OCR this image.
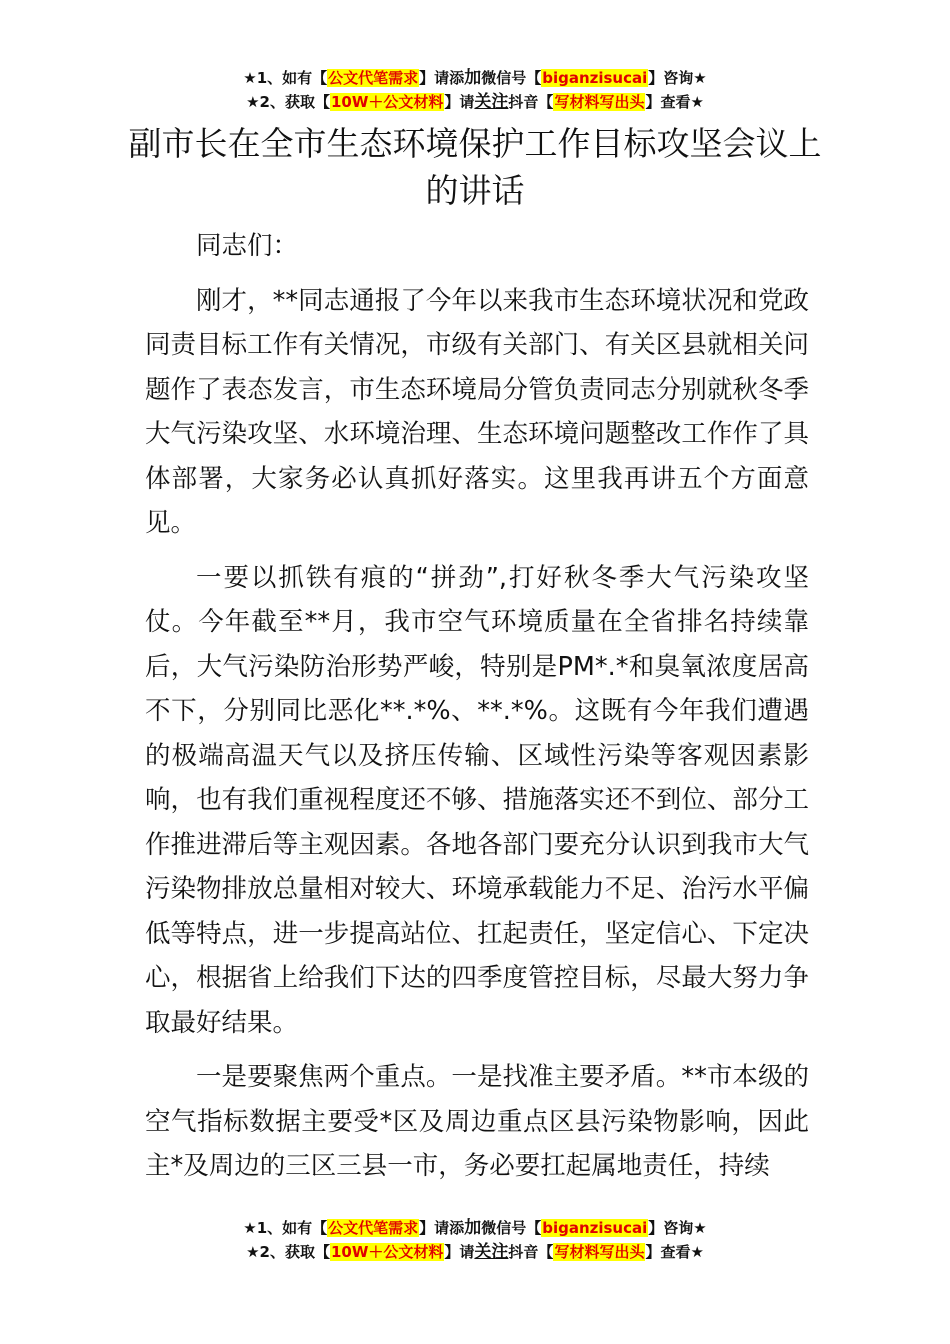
★1、如有【公文代笔需求】请添加微信号【biganzisucai】咨询★
★2、获取【10W＋公文材料】请关注抖音【写材料写出头】查看★
副市长在全市生态环境保护工作目标攻坚会议上的讲话

同志们：

刚才，**同志通报了今年以来我市生态环境状况和党政同责目标工作有关情况，市级有关部门、有关区县就相关问题作了表态发言，市生态环境局分管负责同志分别就秋冬季大气污染攻坚、水环境治理、生态环境问题整改工作作了具体部署，大家务必认真抓好落实。这里我再讲五个方面意见。

一要以抓铁有痕的“拼劲”,打好秋冬季大气污染攻坚仗。今年截至**月，我市空气环境质量在全省排名持续靠后，大气污染防治形势严峻，特别是PM*.*和臭氧浓度居高不下，分别同比恶化**.*%、**.*%。这既有今年我们遭遇的极端高温天气以及挤压传输、区域性污染等客观因素影响，也有我们重视程度还不够、措施落实还不到位、部分工作推进滞后等主观因素。各地各部门要充分认识到我市大气污染物排放总量相对较大、环境承载能力不足、治污水平偏低等特点，进一步提高站位、扛起责任，坚定信心、下定决心，根据省上给我们下达的四季度管控目标，尽最大努力争取最好结果。

一是要聚焦两个重点。一是找准主要矛盾。**市本级的空气指标数据主要受*区及周边重点区县污染物影响，因此主*及周边的三区三县一市，务必要扛起属地责任，持续

★1、如有【公文代笔需求】请添加微信号【biganzisucai】咨询★
★2、获取【10W＋公文材料】请关注抖音【写材料写出头】查看★
